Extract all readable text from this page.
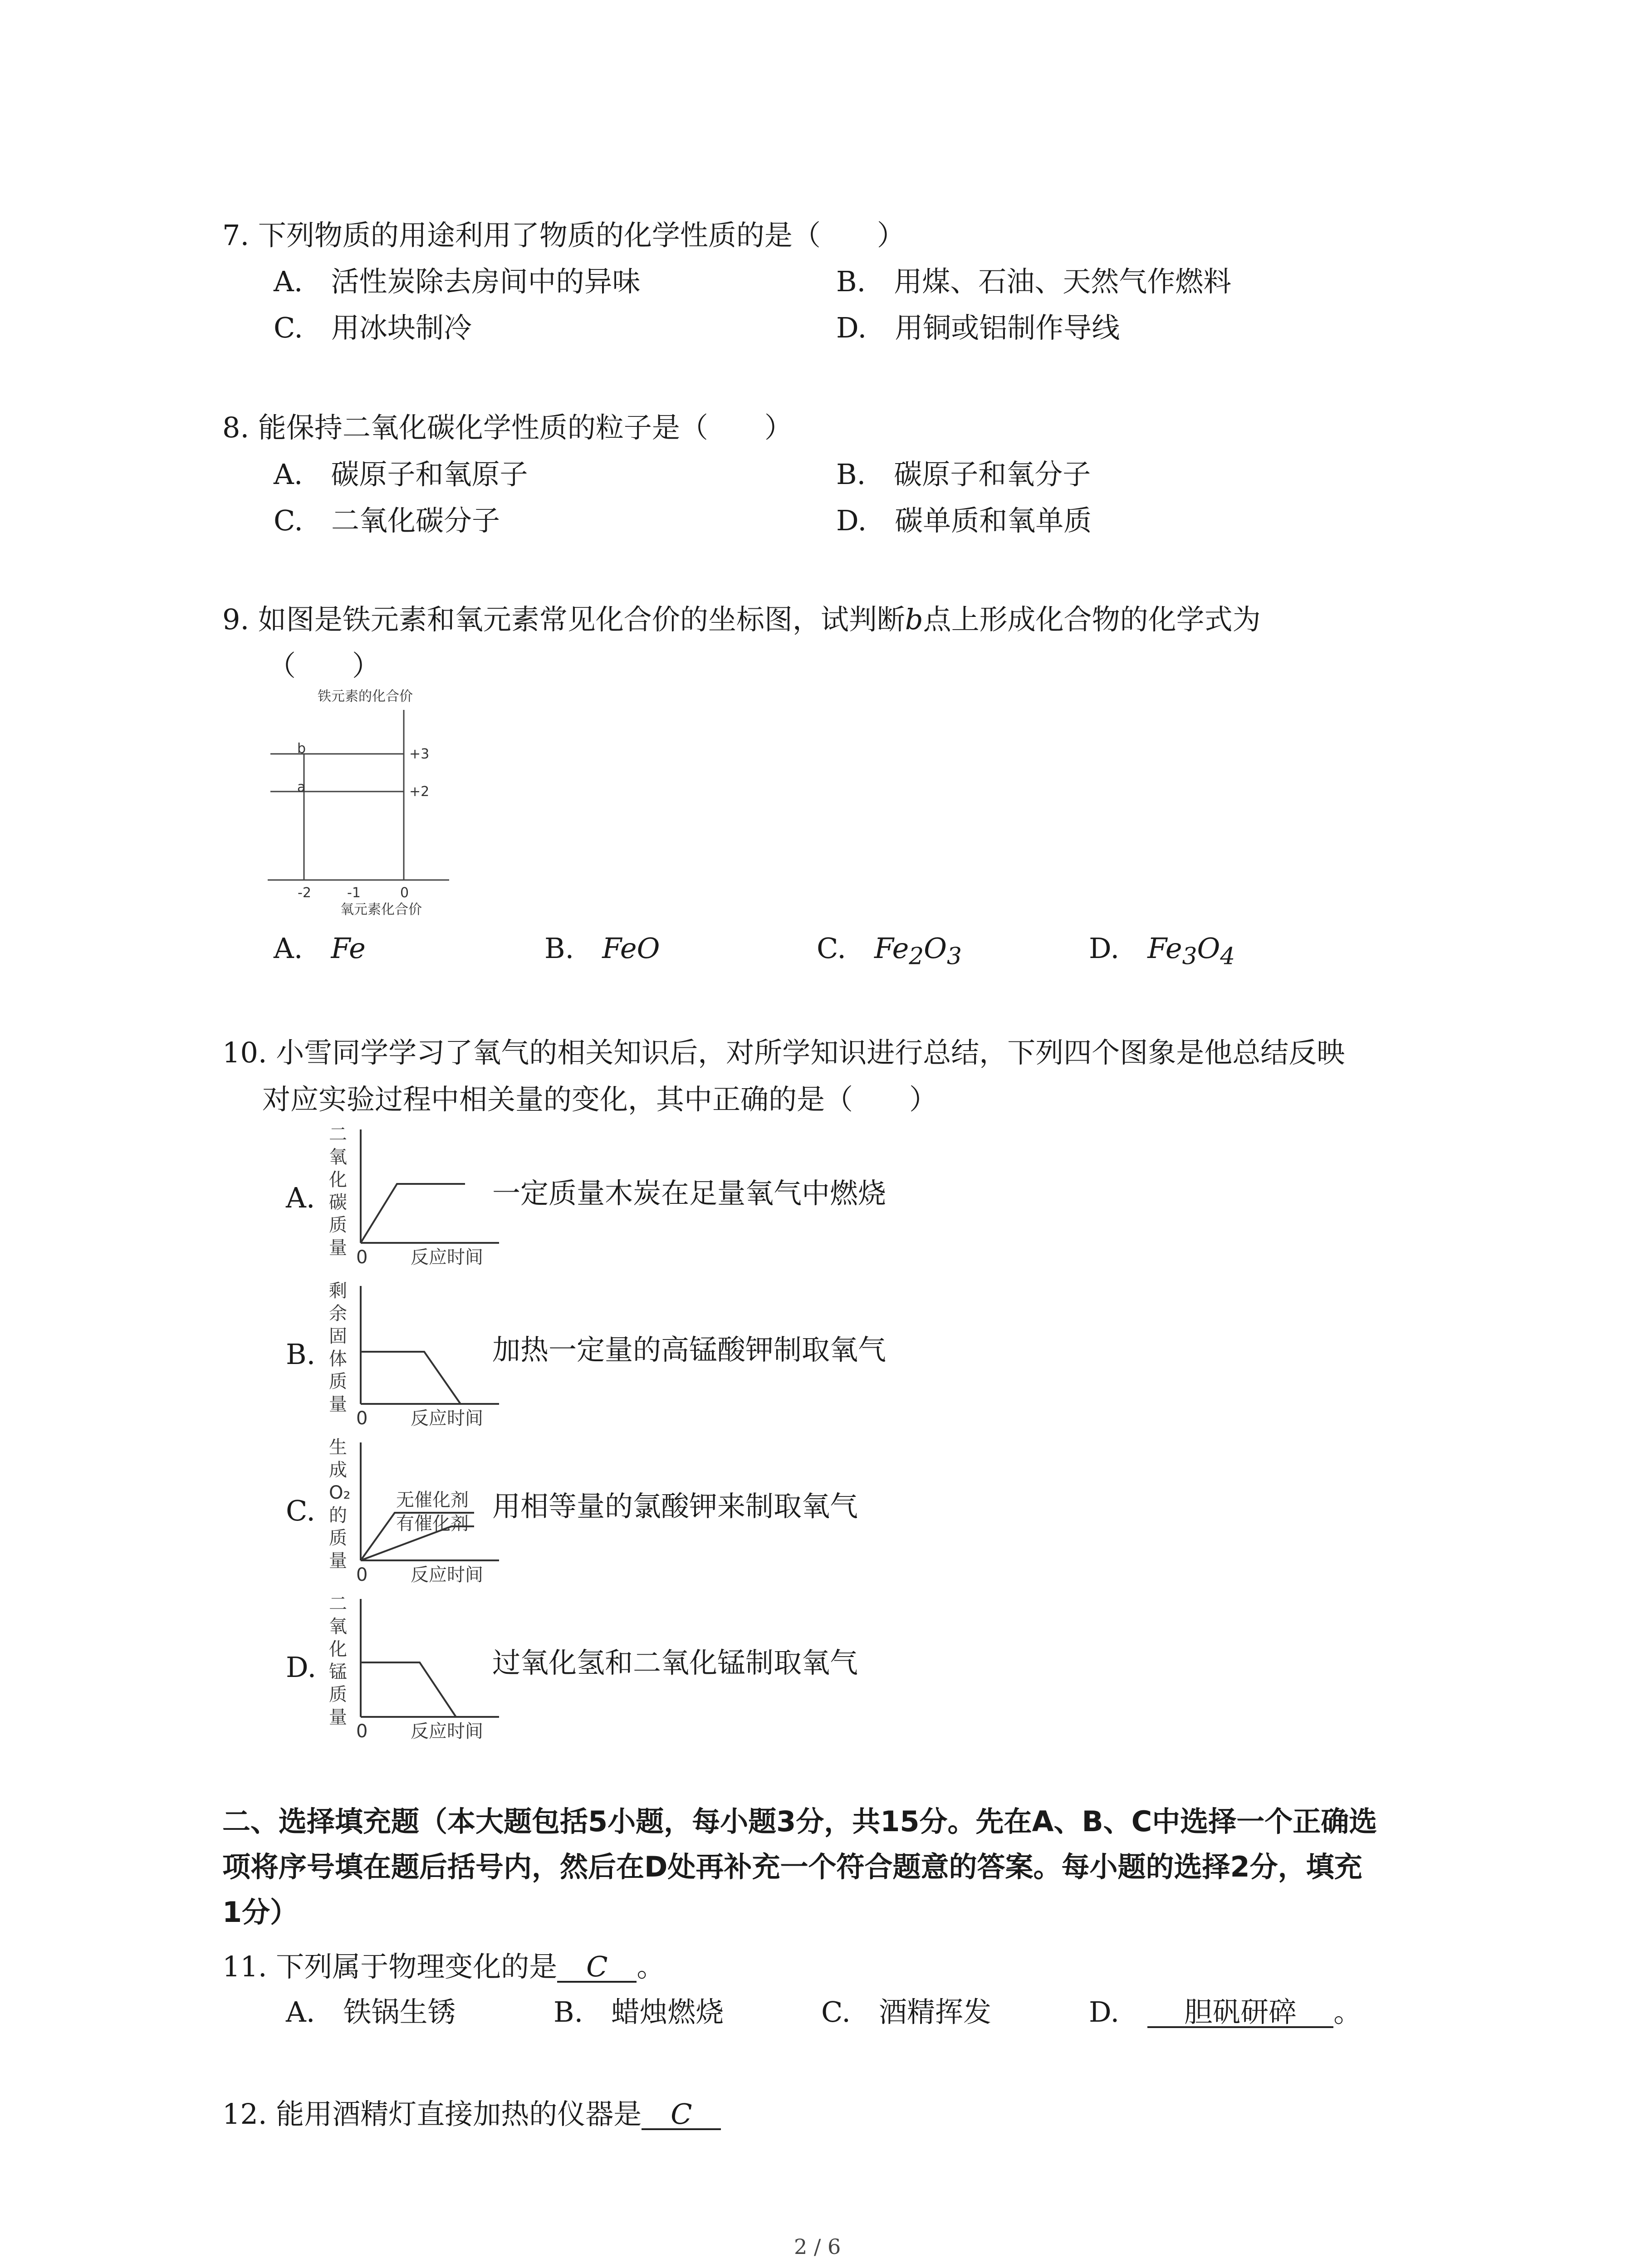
7. 下列物质的用途利用了物质的化学性质的是（　　）
A.　 活性炭除去房间中的异味	B.　 用煤、石油、天然气作燃料
C.　 用冰块制冷	D.　 用铜或铝制作导线
8. 能保持二氧化碳化学性质的粒子是（　　）
A.　 碳原子和氧原子	B.　 碳原子和氧分子
C.　 二氧化碳分子	D.　 碳单质和氧单质
9. 如图是铁元素和氧元素常见化合价的坐标图，试判断b点上形成化合物的化学式为
（　　）
铁元素的化合价
b
a
+3
+2
-2	-1	0
氧元素化合价
A.　 Fe	B.　 FeO	C.　 $Fe_2O_3$	D.　 $Fe_3O_4$
10. 小雪同学学习了氧气的相关知识后，对所学知识进行总结，下列四个图象是他总结反映
对应实验过程中相关量的变化，其中正确的是（　　）
A.
二
氧
化
碳
质
量 0 反应时间
一定质量木炭在足量氧气中燃烧
B.
剩
余
固
体
质
量
0 反应时间
加热一定量的高锰酸钾制取氧气
C.
生
成
O₂
的
质
量
无催化剂
有催化剂
0 反应时间
用相等量的氯酸钾来制取氧气
D.
二
氧
化
锰
质
量
0 反应时间
过氧化氢和二氧化锰制取氧气
二、选择填充题（本大题包括5小题，每小题3分，共15分。先在A、B、C中选择一个正确选
项将序号填在题后括号内，然后在D处再补充一个符合题意的答案。每小题的选择2分，填充
1分）
11. 下列属于物理变化的是 C 。
A.　 铁锅生锈	B.　 蜡烛燃烧	C.　 酒精挥发	D.　 胆矾研碎 。
12. 能用酒精灯直接加热的仪器是 C
2 / 6
